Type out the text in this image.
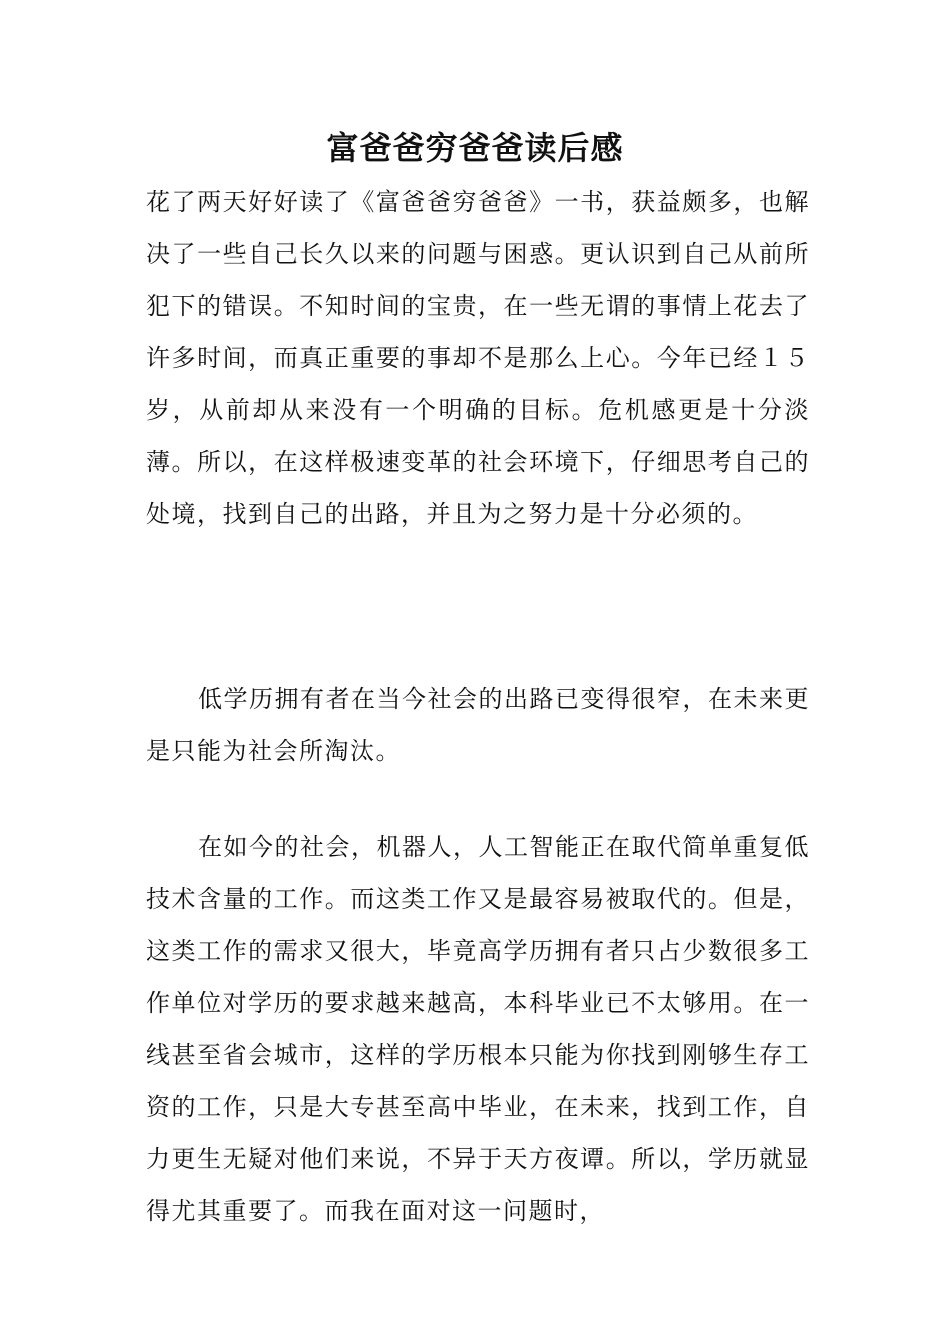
富爸爸穷爸爸读后感

花了两天好好读了《富爸爸穷爸爸》一书，获益颇多，也解决了一些自己长久以来的问题与困惑。更认识到自己从前所犯下的错误。不知时间的宝贵，在一些无谓的事情上花去了许多时间，而真正重要的事却不是那么上心。今年已经１５岁，从前却从来没有一个明确的目标。危机感更是十分淡薄。所以，在这样极速变革的社会环境下，仔细思考自己的处境，找到自己的出路，并且为之努力是十分必须的。

低学历拥有者在当今社会的出路已变得很窄，在未来更是只能为社会所淘汰。

在如今的社会，机器人，人工智能正在取代简单重复低技术含量的工作。而这类工作又是最容易被取代的。但是，这类工作的需求又很大，毕竟高学历拥有者只占少数很多工作单位对学历的要求越来越高，本科毕业已不太够用。在一线甚至省会城市，这样的学历根本只能为你找到刚够生存工资的工作，只是大专甚至高中毕业，在未来，找到工作，自力更生无疑对他们来说，不异于天方夜谭。所以，学历就显得尤其重要了。而我在面对这一问题时，
